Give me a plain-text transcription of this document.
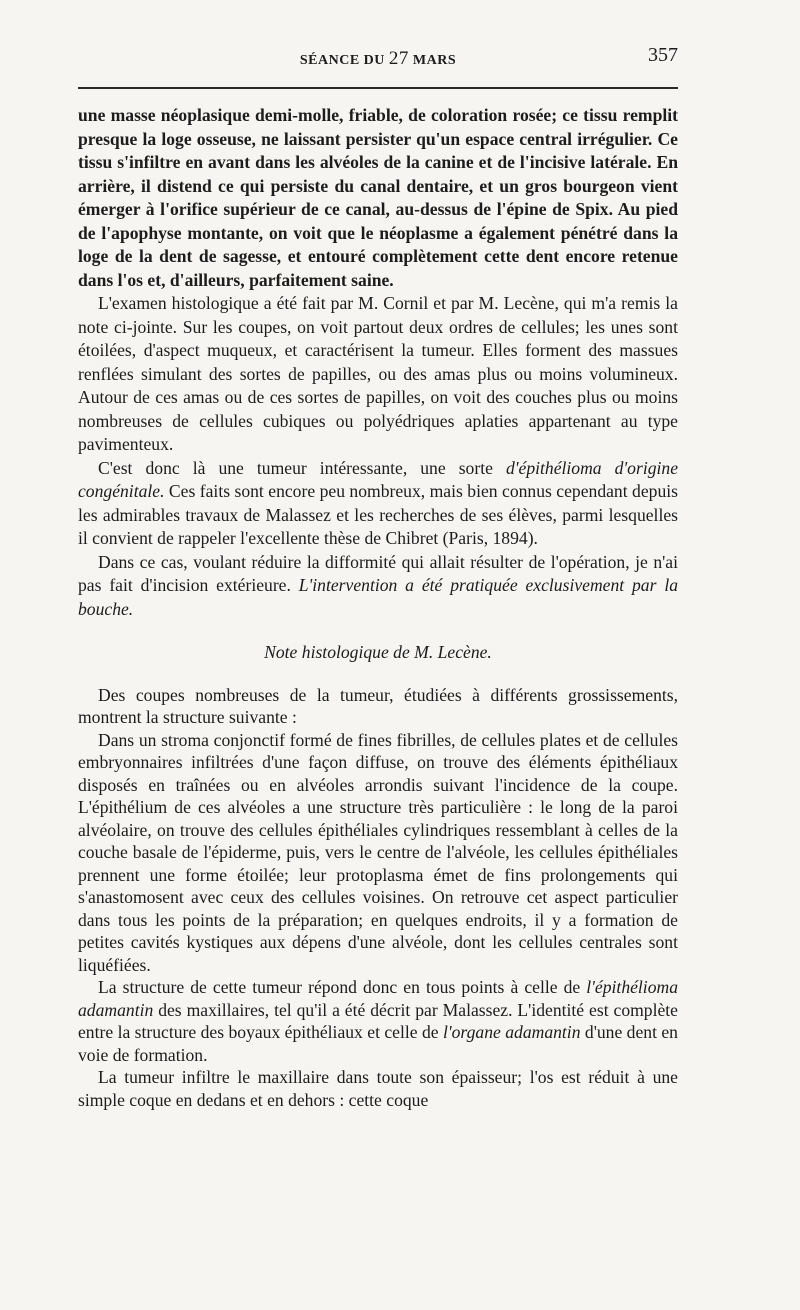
SÉANCE DU 27 MARS	357

une masse néoplasique demi-molle, friable, de coloration rosée; ce tissu remplit presque la loge osseuse, ne laissant persister qu'un espace central irrégulier. Ce tissu s'infiltre en avant dans les alvéoles de la canine et de l'incisive latérale. En arrière, il distend ce qui persiste du canal dentaire, et un gros bourgeon vient émerger à l'orifice supérieur de ce canal, au-dessus de l'épine de Spix. Au pied de l'apophyse montante, on voit que le néoplasme a également pénétré dans la loge de la dent de sagesse, et entouré complètement cette dent encore retenue dans l'os et, d'ailleurs, parfaitement saine.

L'examen histologique a été fait par M. Cornil et par M. Lecène, qui m'a remis la note ci-jointe. Sur les coupes, on voit partout deux ordres de cellules; les unes sont étoilées, d'aspect muqueux, et caractérisent la tumeur. Elles forment des massues renflées simulant des sortes de papilles, ou des amas plus ou moins volumineux. Autour de ces amas ou de ces sortes de papilles, on voit des couches plus ou moins nombreuses de cellules cubiques ou polyédriques aplaties appartenant au type pavimenteux.

C'est donc là une tumeur intéressante, une sorte d'épithélioma d'origine congénitale. Ces faits sont encore peu nombreux, mais bien connus cependant depuis les admirables travaux de Malassez et les recherches de ses élèves, parmi lesquelles il convient de rappeler l'excellente thèse de Chibret (Paris, 1894).

Dans ce cas, voulant réduire la difformité qui allait résulter de l'opération, je n'ai pas fait d'incision extérieure. L'intervention a été pratiquée exclusivement par la bouche.

Note histologique de M. Lecène.

Des coupes nombreuses de la tumeur, étudiées à différents grossissements, montrent la structure suivante :

Dans un stroma conjonctif formé de fines fibrilles, de cellules plates et de cellules embryonnaires infiltrées d'une façon diffuse, on trouve des éléments épithéliaux disposés en traînées ou en alvéoles arrondis suivant l'incidence de la coupe. L'épithélium de ces alvéoles a une structure très particulière : le long de la paroi alvéolaire, on trouve des cellules épithéliales cylindriques ressemblant à celles de la couche basale de l'épiderme, puis, vers le centre de l'alvéole, les cellules épithéliales prennent une forme étoilée; leur protoplasma émet de fins prolongements qui s'anastomosent avec ceux des cellules voisines. On retrouve cet aspect particulier dans tous les points de la préparation; en quelques endroits, il y a formation de petites cavités kystiques aux dépens d'une alvéole, dont les cellules centrales sont liquéfiées.

La structure de cette tumeur répond donc en tous points à celle de l'épithélioma adamantin des maxillaires, tel qu'il a été décrit par Malassez. L'identité est complète entre la structure des boyaux épithéliaux et celle de l'organe adamantin d'une dent en voie de formation.

La tumeur infiltre le maxillaire dans toute son épaisseur; l'os est réduit à une simple coque en dedans et en dehors : cette coque
